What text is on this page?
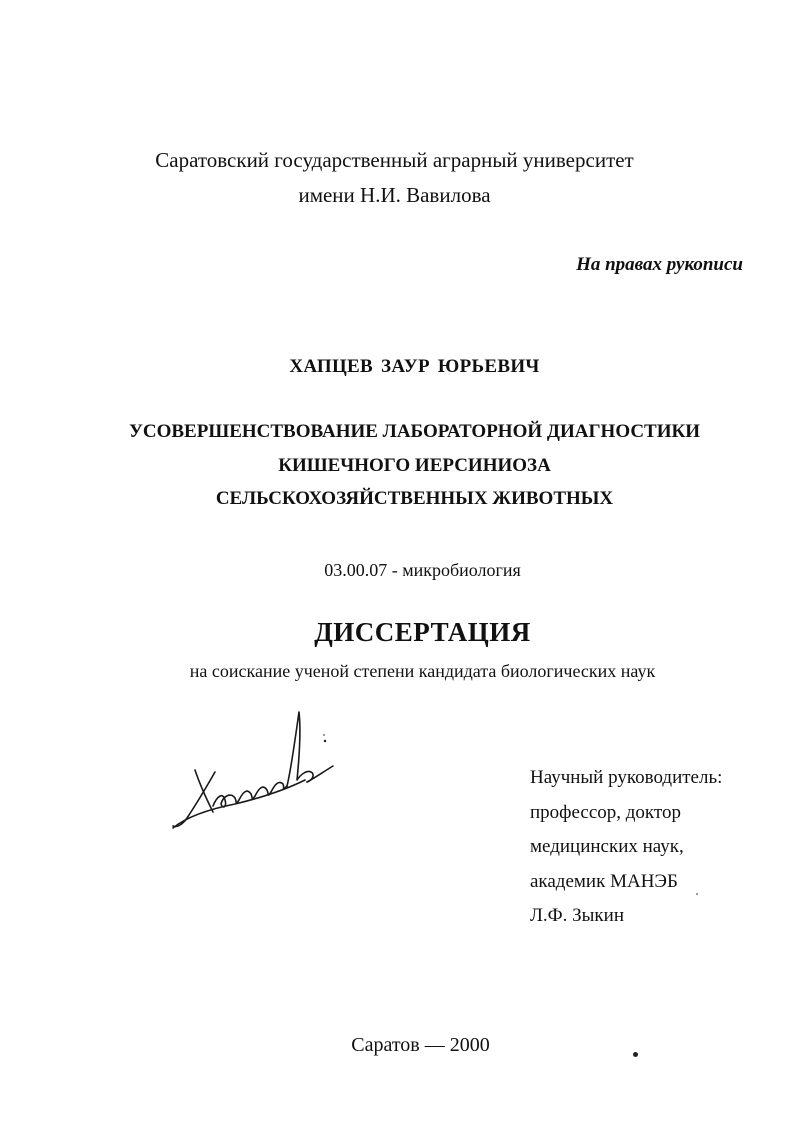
Саратовский государственный аграрный университет
имени Н.И. Вавилова
На правах рукописи
ХАПЦЕВ ЗАУР ЮРЬЕВИЧ
УСОВЕРШЕНСТВОВАНИЕ ЛАБОРАТОРНОЙ ДИАГНОСТИКИ
КИШЕЧНОГО ИЕРСИНИОЗА
СЕЛЬСКОХОЗЯЙСТВЕННЫХ ЖИВОТНЫХ
03.00.07 - микробиология
ДИССЕРТАЦИЯ
на соискание ученой степени кандидата биологических наук
Научный руководитель:
профессор, доктор
медицинских наук,
академик МАНЭБ
Л.Ф. Зыкин
Саратов — 2000
